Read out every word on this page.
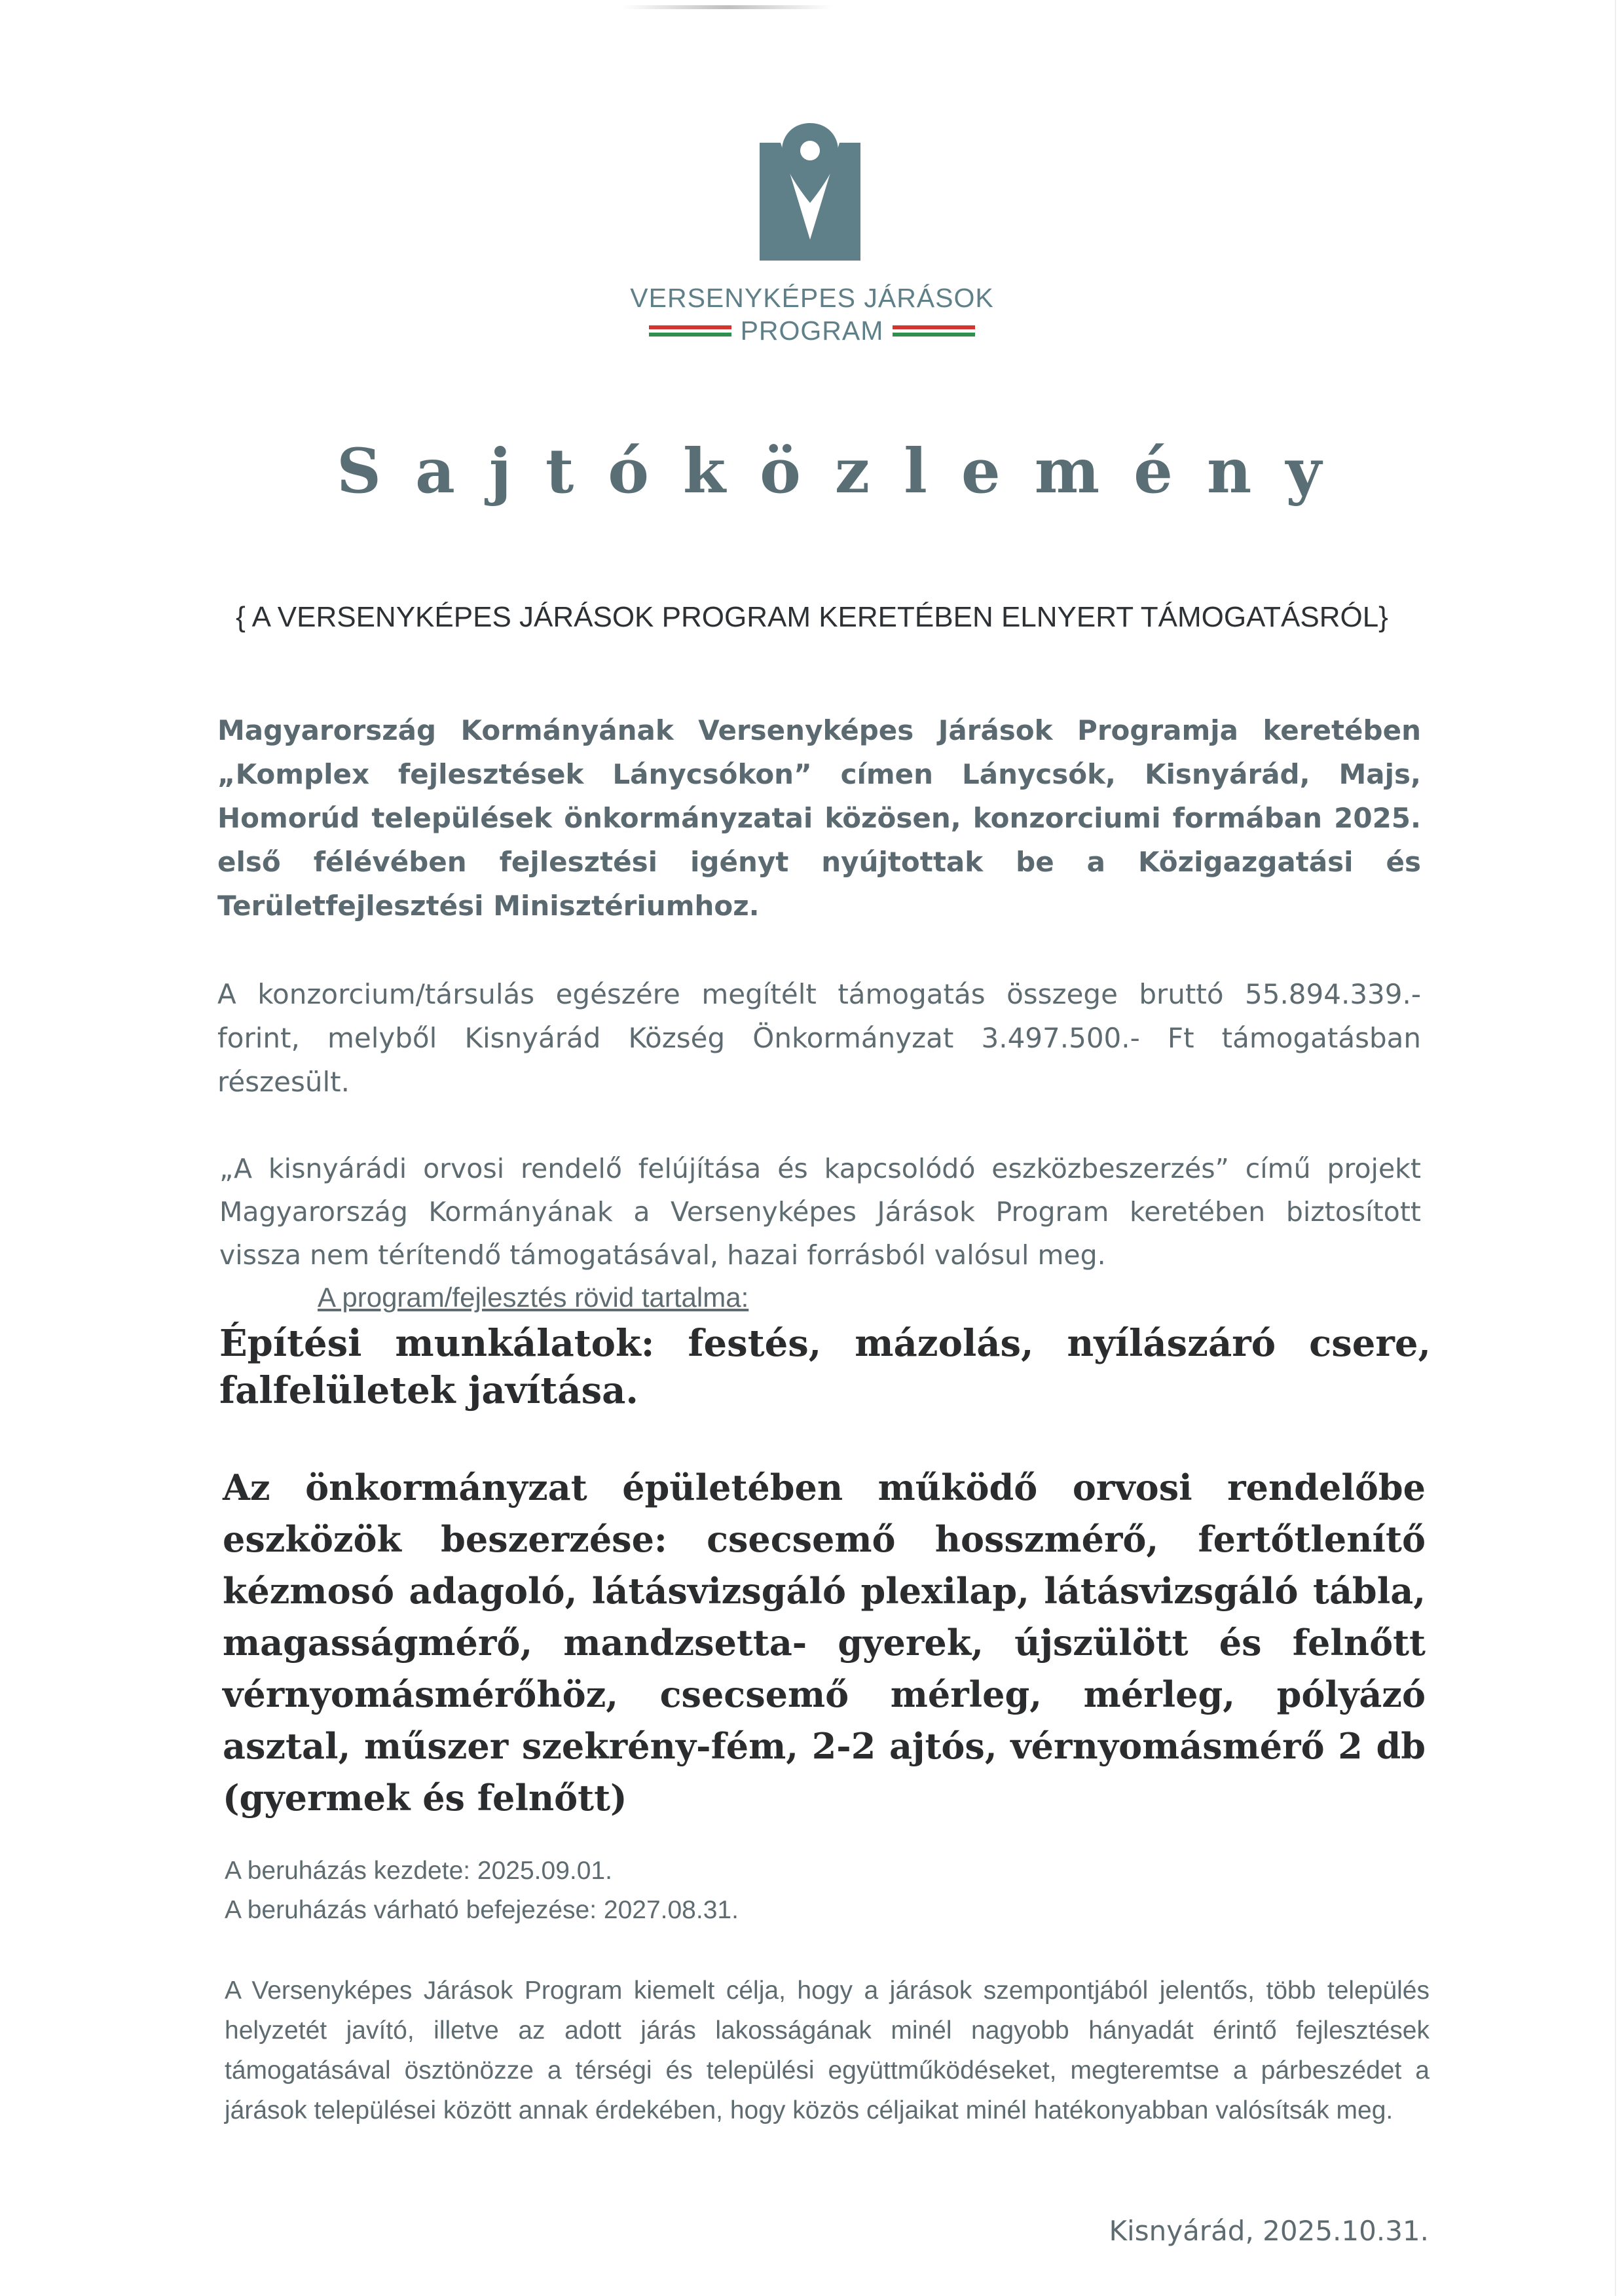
VERSENYKÉPES JÁRÁSOK
PROGRAM
Sajtóközlemény
{ A VERSENYKÉPES JÁRÁSOK PROGRAM KERETÉBEN ELNYERT TÁMOGATÁSRÓL}
Magyarország Kormányának Versenyképes Járások Programja keretében „Komplex fejlesztések Lánycsókon” címen Lánycsók, Kisnyárád, Majs, Homorúd települések önkormányzatai közösen, konzorciumi formában 2025. első félévében fejlesztési igényt nyújtottak be a Közigazgatási és Területfejlesztési Minisztériumhoz.
A konzorcium/társulás egészére megítélt támogatás összege bruttó 55.894.339.- forint, melyből Kisnyárád Község Önkormányzat 3.497.500.- Ft támogatásban részesült.
„A kisnyárádi orvosi rendelő felújítása és kapcsolódó eszközbeszerzés” című projekt Magyarország Kormányának a Versenyképes Járások Program keretében biztosított vissza nem térítendő támogatásával, hazai forrásból valósul meg.
A program/fejlesztés rövid tartalma:
Építési munkálatok: festés, mázolás, nyílászáró csere, falfelületek javítása.
Az önkormányzat épületében működő orvosi rendelőbe eszközök beszerzése: csecsemő hosszmérő, fertőtlenítő kézmosó adagoló, látásvizsgáló plexilap, látásvizsgáló tábla, magasságmérő, mandzsetta- gyerek, újszülött és felnőtt vérnyomásmérőhöz, csecsemő mérleg, mérleg, pólyázó asztal, műszer szekrény-fém, 2-2 ajtós, vérnyomásmérő 2 db (gyermek és felnőtt)
A beruházás kezdete: 2025.09.01.
A beruházás várható befejezése: 2027.08.31.
A Versenyképes Járások Program kiemelt célja, hogy a járások szempontjából jelentős, több település helyzetét javító, illetve az adott járás lakosságának minél nagyobb hányadát érintő fejlesztések támogatásával ösztönözze a térségi és települési együttműködéseket, megteremtse a párbeszédet a járások települései között annak érdekében, hogy közös céljaikat minél hatékonyabban valósítsák meg.
Kisnyárád, 2025.10.31.
